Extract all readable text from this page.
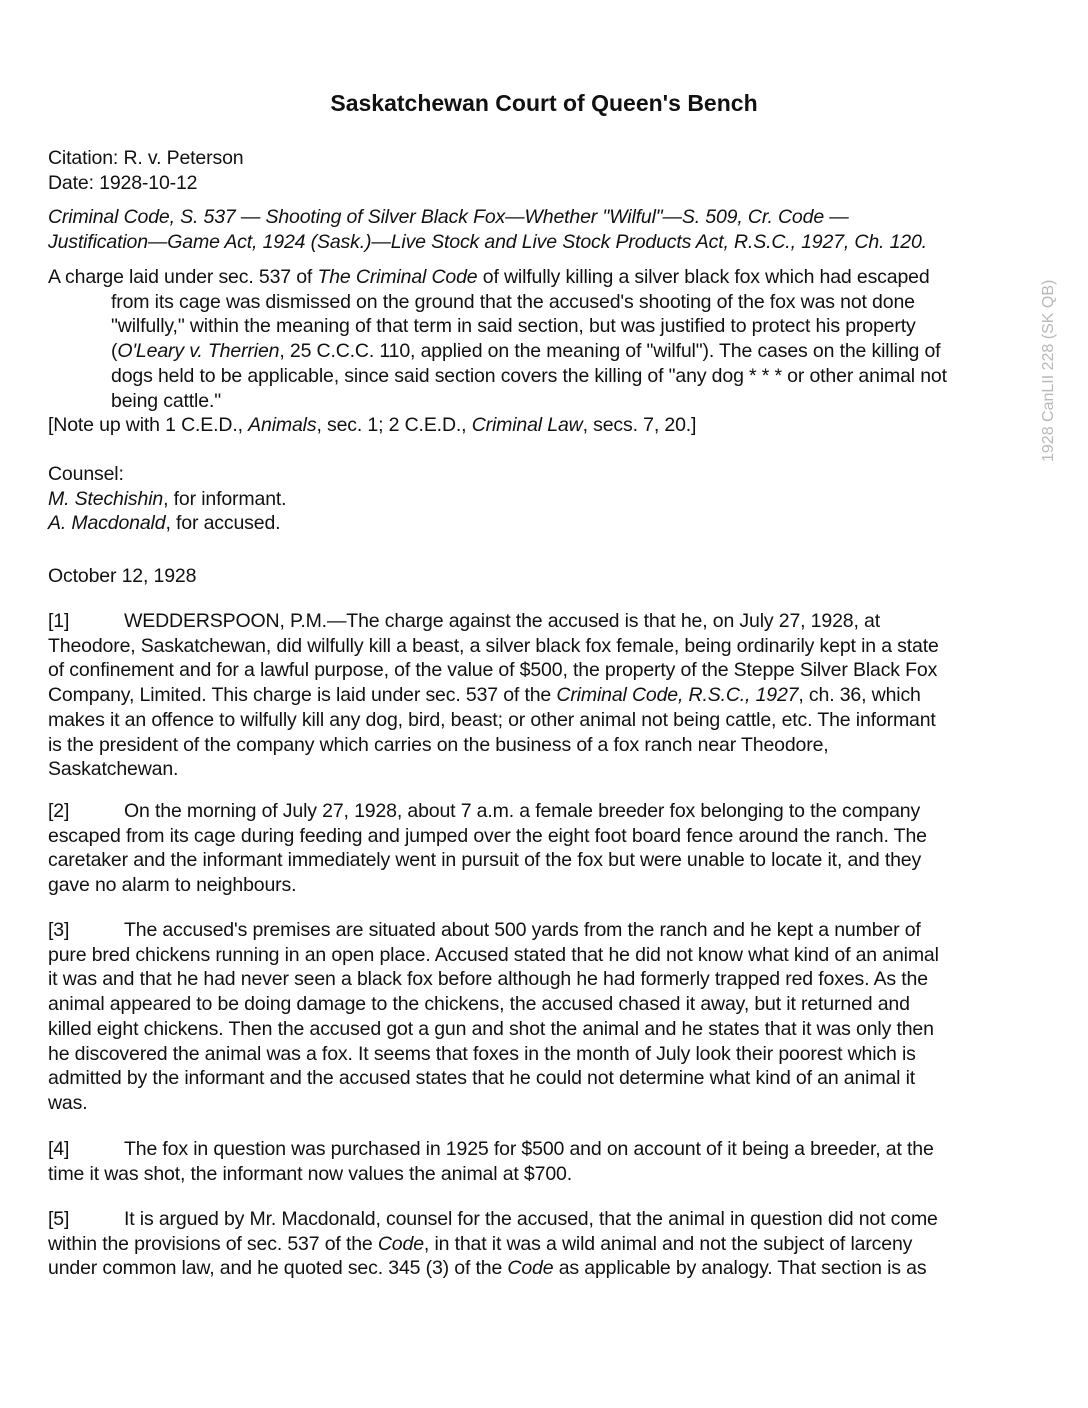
Saskatchewan Court of Queen's Bench
Citation: R. v. Peterson
Date: 1928-10-12
Criminal Code, S. 537 — Shooting of Silver Black Fox—Whether "Wilful"—S. 509, Cr. Code —
Justification—Game Act, 1924 (Sask.)—Live Stock and Live Stock Products Act, R.S.C., 1927, Ch. 120.
A charge laid under sec. 537 of The Criminal Code of wilfully killing a silver black fox which had escaped
from its cage was dismissed on the ground that the accused's shooting of the fox was not done
"wilfully," within the meaning of that term in said section, but was justified to protect his property
(O'Leary v. Therrien, 25 C.C.C. 110, applied on the meaning of "wilful"). The cases on the killing of
dogs held to be applicable, since said section covers the killing of "any dog * * * or other animal not
being cattle."
[Note up with 1 C.E.D., Animals, sec. 1; 2 C.E.D., Criminal Law, secs. 7, 20.]
Counsel:
M. Stechishin, for informant.
A. Macdonald, for accused.
October 12, 1928
[1]	WEDDERSPOON, P.M.—The charge against the accused is that he, on July 27, 1928, at
Theodore, Saskatchewan, did wilfully kill a beast, a silver black fox female, being ordinarily kept in a state
of confinement and for a lawful purpose, of the value of $500, the property of the Steppe Silver Black Fox
Company, Limited. This charge is laid under sec. 537 of the Criminal Code, R.S.C., 1927, ch. 36, which
makes it an offence to wilfully kill any dog, bird, beast; or other animal not being cattle, etc. The informant
is the president of the company which carries on the business of a fox ranch near Theodore,
Saskatchewan.
[2]	On the morning of July 27, 1928, about 7 a.m. a female breeder fox belonging to the company
escaped from its cage during feeding and jumped over the eight foot board fence around the ranch. The
caretaker and the informant immediately went in pursuit of the fox but were unable to locate it, and they
gave no alarm to neighbours.
[3]	The accused's premises are situated about 500 yards from the ranch and he kept a number of
pure bred chickens running in an open place. Accused stated that he did not know what kind of an animal
it was and that he had never seen a black fox before although he had formerly trapped red foxes. As the
animal appeared to be doing damage to the chickens, the accused chased it away, but it returned and
killed eight chickens. Then the accused got a gun and shot the animal and he states that it was only then
he discovered the animal was a fox. It seems that foxes in the month of July look their poorest which is
admitted by the informant and the accused states that he could not determine what kind of an animal it
was.
[4]	The fox in question was purchased in 1925 for $500 and on account of it being a breeder, at the
time it was shot, the informant now values the animal at $700.
[5]	It is argued by Mr. Macdonald, counsel for the accused, that the animal in question did not come
within the provisions of sec. 537 of the Code, in that it was a wild animal and not the subject of larceny
under common law, and he quoted sec. 345 (3) of the Code as applicable by analogy. That section is as
1928 CanLII 228 (SK QB)
